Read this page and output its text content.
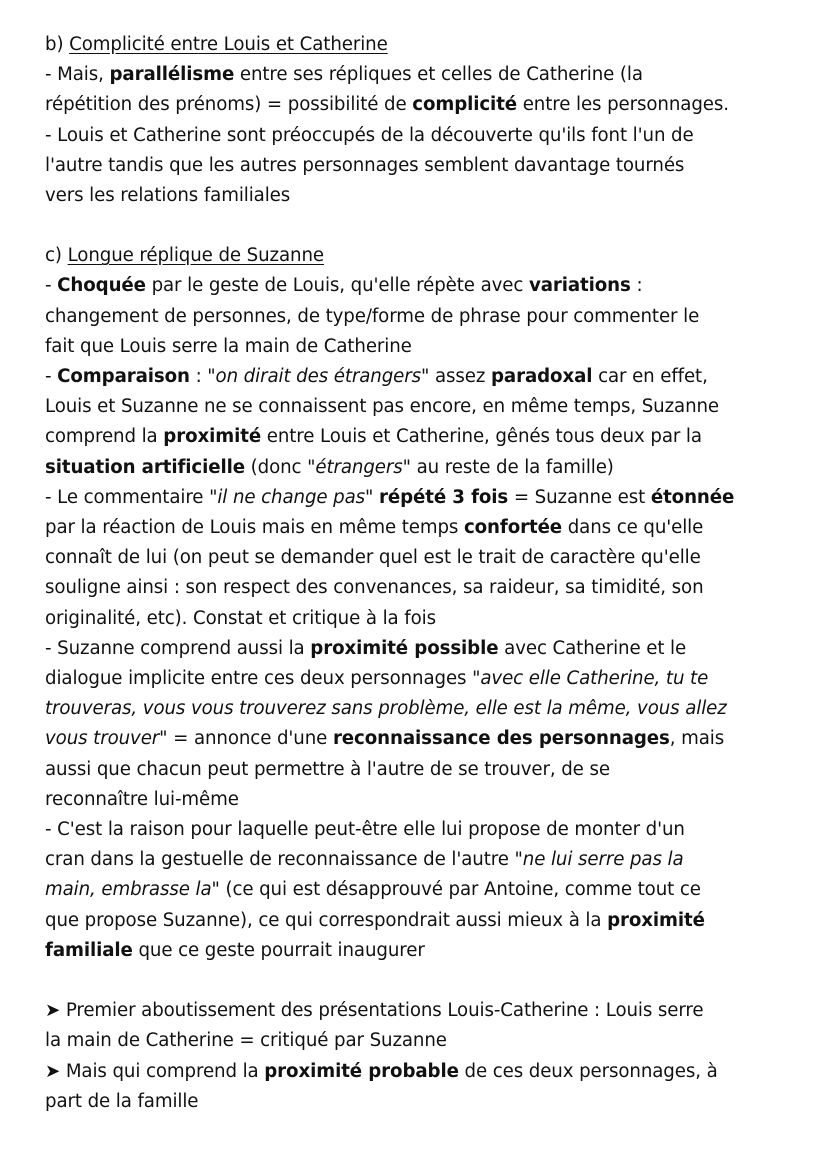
b) Complicité entre Louis et Catherine
- Mais, parallélisme entre ses répliques et celles de Catherine (la
répétition des prénoms) = possibilité de complicité entre les personnages.
- Louis et Catherine sont préoccupés de la découverte qu'ils font l'un de
l'autre tandis que les autres personnages semblent davantage tournés
vers les relations familiales
c) Longue réplique de Suzanne
- Choquée par le geste de Louis, qu'elle répète avec variations :
changement de personnes, de type/forme de phrase pour commenter le
fait que Louis serre la main de Catherine
- Comparaison : "on dirait des étrangers" assez paradoxal car en effet,
Louis et Suzanne ne se connaissent pas encore, en même temps, Suzanne
comprend la proximité entre Louis et Catherine, gênés tous deux par la
situation artificielle (donc "étrangers" au reste de la famille)
- Le commentaire "il ne change pas" répété 3 fois = Suzanne est étonnée
par la réaction de Louis mais en même temps confortée dans ce qu'elle
connaît de lui (on peut se demander quel est le trait de caractère qu'elle
souligne ainsi : son respect des convenances, sa raideur, sa timidité, son
originalité, etc). Constat et critique à la fois
- Suzanne comprend aussi la proximité possible avec Catherine et le
dialogue implicite entre ces deux personnages "avec elle Catherine, tu te
trouveras, vous vous trouverez sans problème, elle est la même, vous allez
vous trouver" = annonce d'une reconnaissance des personnages, mais
aussi que chacun peut permettre à l'autre de se trouver, de se
reconnaître lui-même
- C'est la raison pour laquelle peut-être elle lui propose de monter d'un
cran dans la gestuelle de reconnaissance de l'autre "ne lui serre pas la
main, embrasse la" (ce qui est désapprouvé par Antoine, comme tout ce
que propose Suzanne), ce qui correspondrait aussi mieux à la proximité
familiale que ce geste pourrait inaugurer
➤ Premier aboutissement des présentations Louis-Catherine : Louis serre
la main de Catherine = critiqué par Suzanne
➤ Mais qui comprend la proximité probable de ces deux personnages, à
part de la famille
